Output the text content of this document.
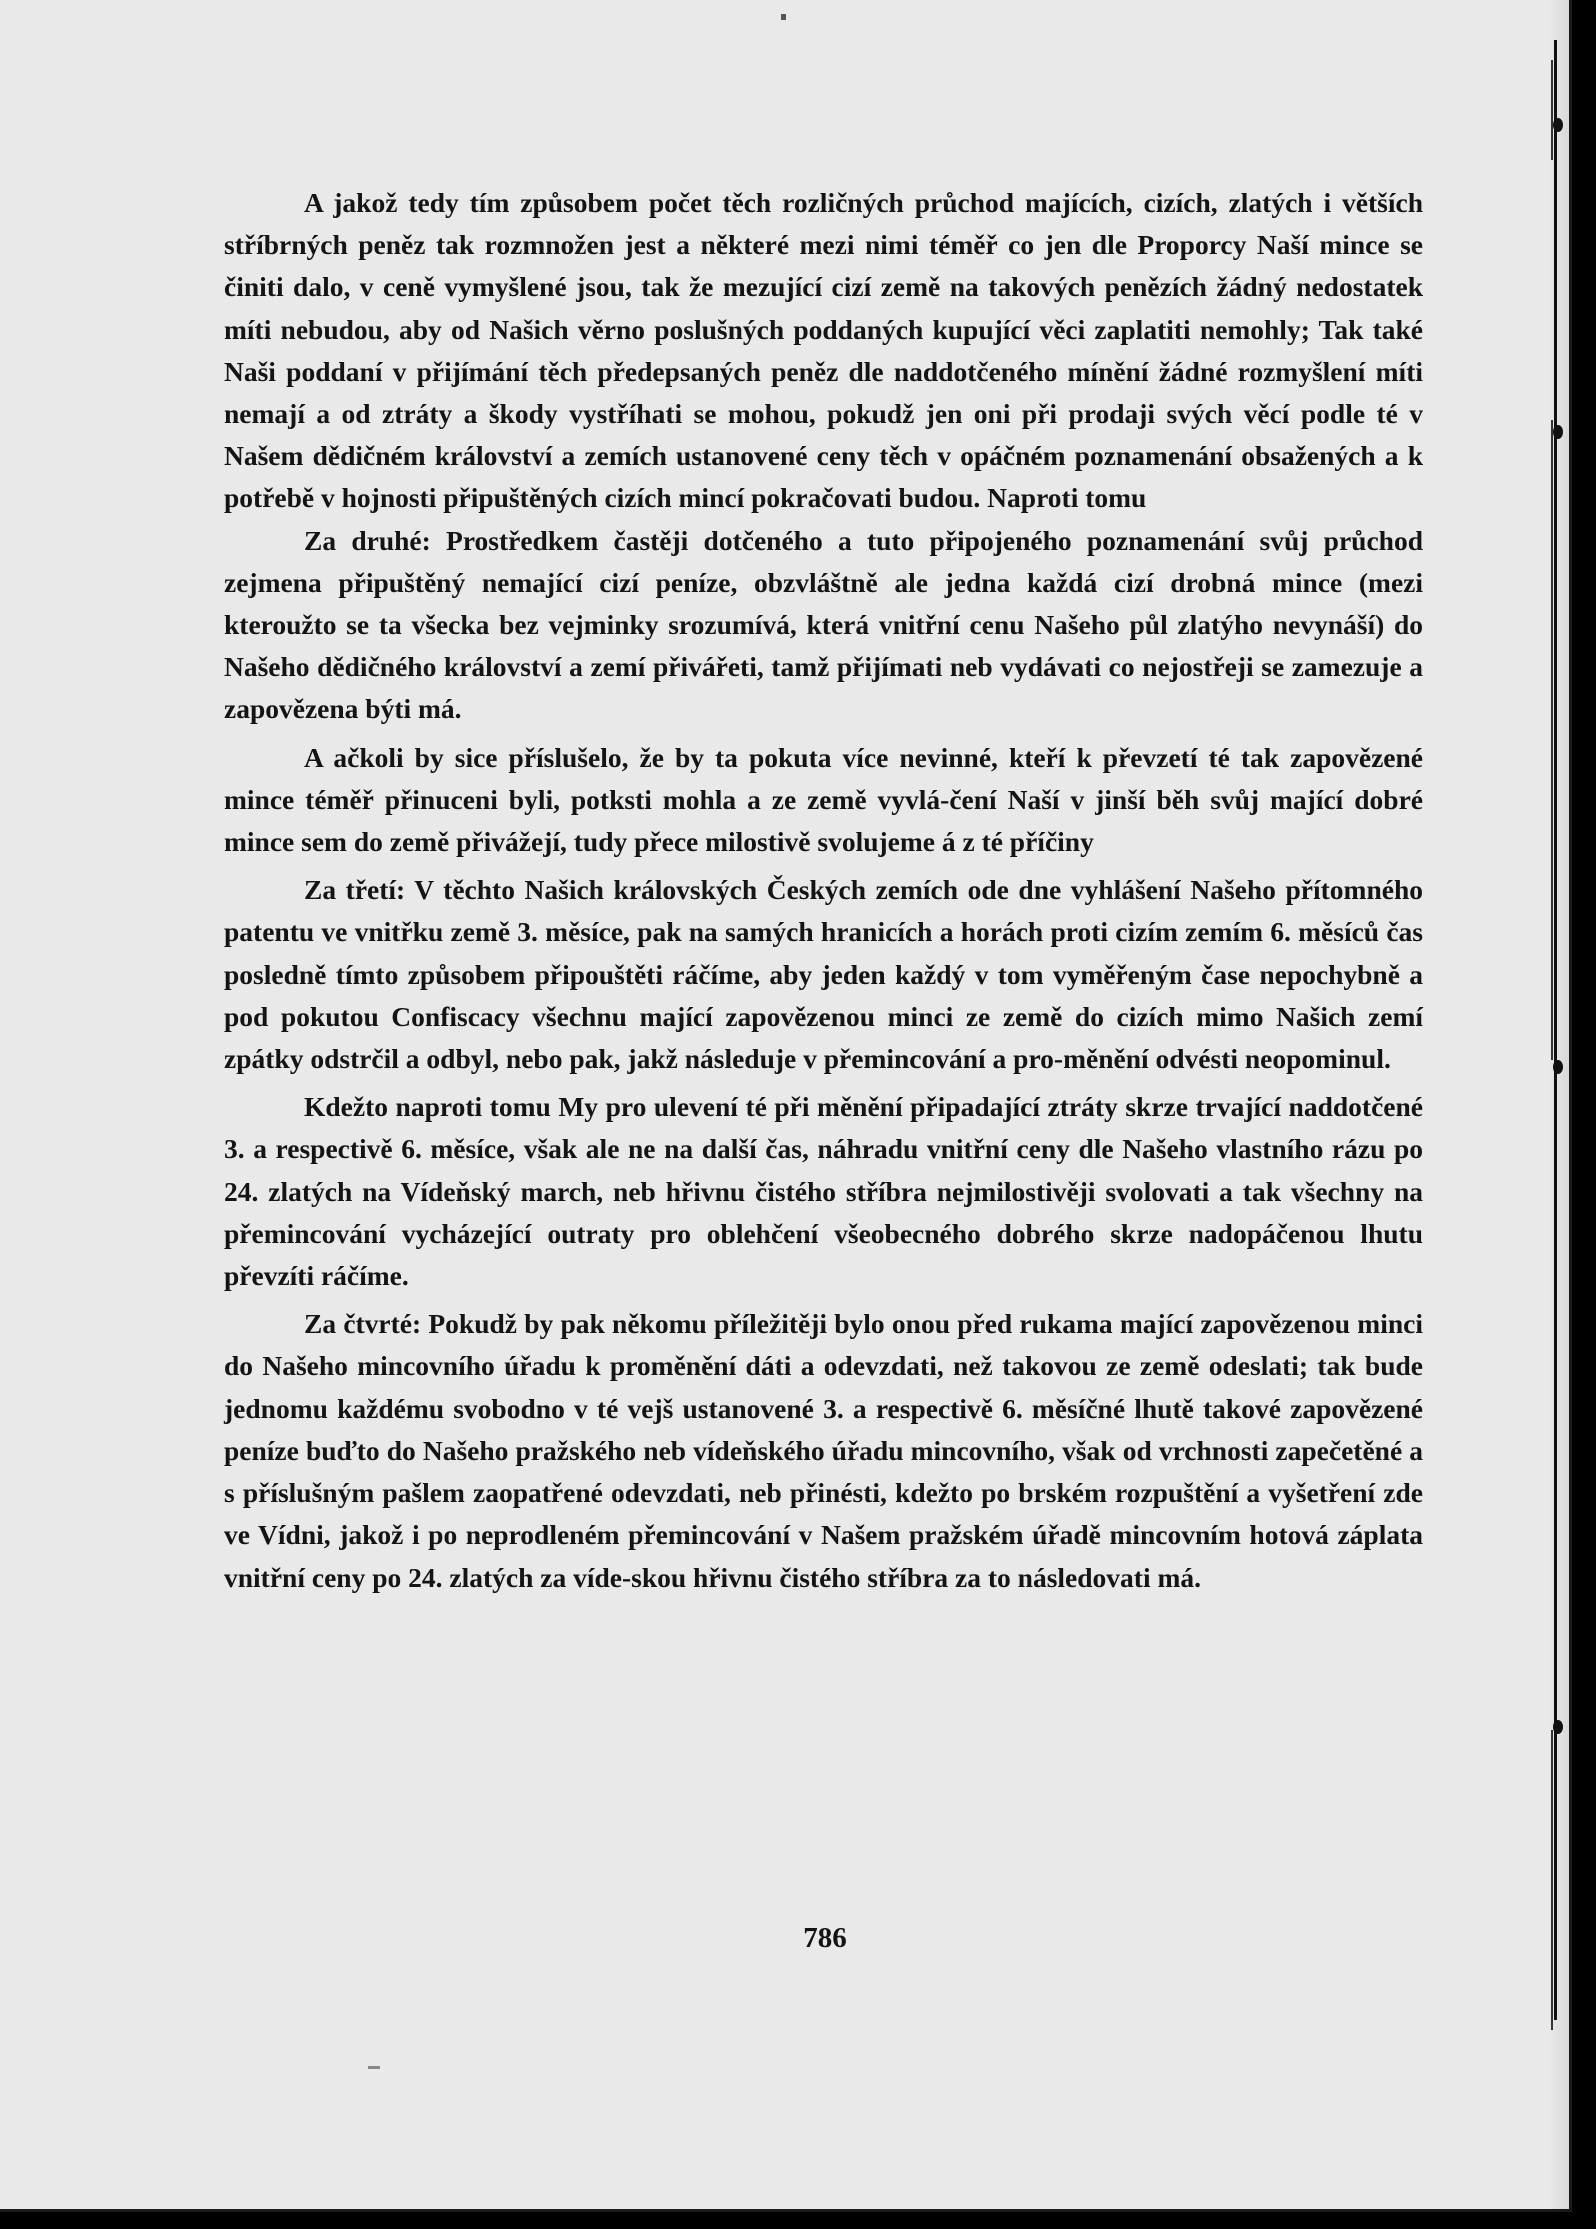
A jakož tedy tím způsobem počet těch rozličných průchod majících, cizích, zlatých i větších stříbrných peněz tak rozmnožen jest a některé mezi nimi téměř co jen dle Proporcy Naší mince se činiti dalo, v ceně vymyšlené jsou, tak že mezující cizí země na takových penězích žádný nedostatek míti nebudou, aby od Našich věrno poslušných poddaných kupující věci zaplatiti nemohly; Tak také Naši poddaní v přijímání těch předepsaných peněz dle naddotčeného mínění žádné rozmyšlení míti nemají a od ztráty a škody vystříhati se mohou, pokudž jen oni při prodaji svých věcí podle té v Našem dědičném království a zemích ustanovené ceny těch v opáčném poznamenání obsažených a k potřebě v hojnosti připuštěných cizích mincí pokračovati budou. Naproti tomu

Za druhé: Prostředkem častěji dotčeného a tuto připojeného poznamenání svůj průchod zejmena připuštěný nemající cizí peníze, obzvláštně ale jedna každá cizí drobná mince (mezi kteroužto se ta všecka bez vejminky srozumívá, která vnitřní cenu Našeho půl zlatýho nevynáší) do Našeho dědičného království a zemí přivářeti, tamž přijímati neb vydávati co nejostřeji se zamezuje a zapovězena býti má.

A ačkoli by sice příslušelo, že by ta pokuta více nevinné, kteří k převzetí té tak zapovězené mince téměř přinuceni byli, potksti mohla a ze země vyvlá-čení Naší v jinší běh svůj mající dobré mince sem do země přivážejí, tudy přece milostivě svolujeme á z té příčiny

Za třetí: V těchto Našich královských Českých zemích ode dne vyhlášení Našeho přítomného patentu ve vnitřku země 3. měsíce, pak na samých hranicích a horách proti cizím zemím 6. měsíců čas posledně tímto způsobem připouštěti ráčíme, aby jeden každý v tom vyměřeným čase nepochybně a pod pokutou Confiscacy všechnu mající zapovězenou minci ze země do cizích mimo Našich zemí zpátky odstrčil a odbyl, nebo pak, jakž následuje v přemincování a pro-měnění odvésti neopominul.

Kdežto naproti tomu My pro ulevení té při měnění připadající ztráty skrze trvající naddotčené 3. a respectivě 6. měsíce, však ale ne na další čas, náhradu vnitřní ceny dle Našeho vlastního rázu po 24. zlatých na Vídeňský march, neb hřivnu čistého stříbra nejmilostivěji svolovati a tak všechny na přemincování vycházející outraty pro oblehčení všeobecného dobrého skrze nadopáčenou lhutu převzíti ráčíme.

Za čtvrté: Pokudž by pak někomu příležitěji bylo onou před rukama mající zapovězenou minci do Našeho mincovního úřadu k proměnění dáti a odevzdati, než takovou ze země odeslati; tak bude jednomu každému svobodno v té vejš ustanovené 3. a respectivě 6. měsíčné lhutě takové zapovězené peníze buďto do Našeho pražského neb vídeňského úřadu mincovního, však od vrchnosti zapečetěné a s příslušným pašlem zaopatřené odevzdati, neb přinésti, kdežto po brském rozpuštění a vyšetření zde ve Vídni, jakož i po neprodleném přemincování v Našem pražském úřadě mincovním hotová záplata vnitřní ceny po 24. zlatých za víde-skou hřivnu čistého stříbra za to následovati má.

786
